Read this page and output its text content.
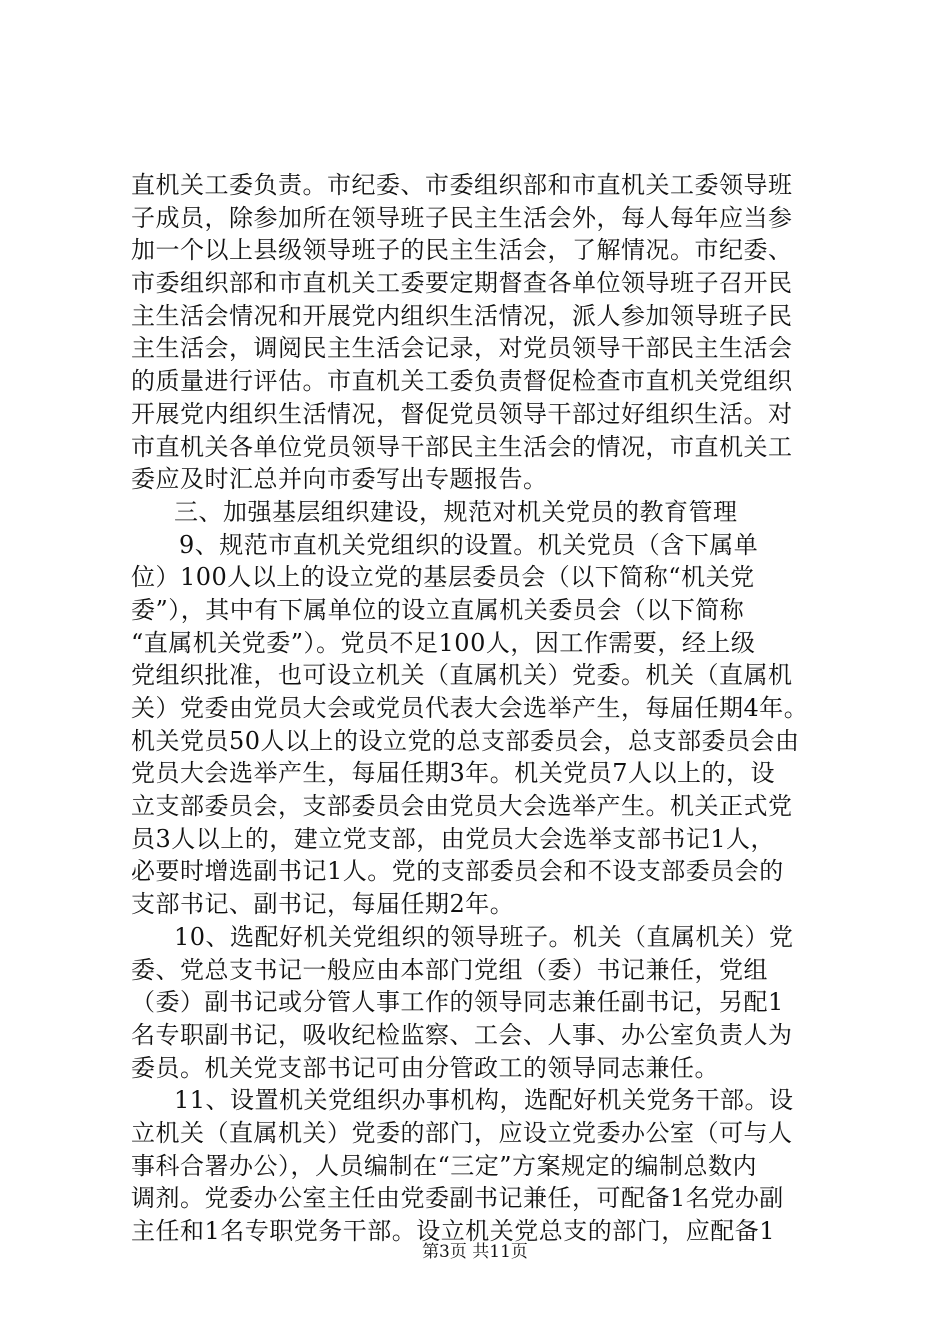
直机关工委负责。市纪委、市委组织部和市直机关工委领导班
子成员，除参加所在领导班子民主生活会外，每人每年应当参
加一个以上县级领导班子的民主生活会，了解情况。市纪委、
市委组织部和市直机关工委要定期督查各单位领导班子召开民
主生活会情况和开展党内组织生活情况，派人参加领导班子民
主生活会，调阅民主生活会记录，对党员领导干部民主生活会
的质量进行评估。市直机关工委负责督促检查市直机关党组织
开展党内组织生活情况，督促党员领导干部过好组织生活。对
市直机关各单位党员领导干部民主生活会的情况，市直机关工
委应及时汇总并向市委写出专题报告。
三、加强基层组织建设，规范对机关党员的教育管理
9、规范市直机关党组织的设置。机关党员（含下属单
位）100人以上的设立党的基层委员会（以下简称“机关党
委”），其中有下属单位的设立直属机关委员会（以下简称
“直属机关党委”）。党员不足100人，因工作需要，经上级
党组织批准，也可设立机关（直属机关）党委。机关（直属机
关）党委由党员大会或党员代表大会选举产生，每届任期4年。
机关党员50人以上的设立党的总支部委员会，总支部委员会由
党员大会选举产生，每届任期3年。机关党员7人以上的，设
立支部委员会，支部委员会由党员大会选举产生。机关正式党
员3人以上的，建立党支部，由党员大会选举支部书记1人，
必要时增选副书记1人。党的支部委员会和不设支部委员会的
支部书记、副书记，每届任期2年。
10、选配好机关党组织的领导班子。机关（直属机关）党
委、党总支书记一般应由本部门党组（委）书记兼任，党组
（委）副书记或分管人事工作的领导同志兼任副书记，另配1
名专职副书记，吸收纪检监察、工会、人事、办公室负责人为
委员。机关党支部书记可由分管政工的领导同志兼任。
11、设置机关党组织办事机构，选配好机关党务干部。设
立机关（直属机关）党委的部门，应设立党委办公室（可与人
事科合署办公），人员编制在“三定”方案规定的编制总数内
调剂。党委办公室主任由党委副书记兼任，可配备1名党办副
主任和1名专职党务干部。设立机关党总支的部门，应配备1
第3页 共11页
